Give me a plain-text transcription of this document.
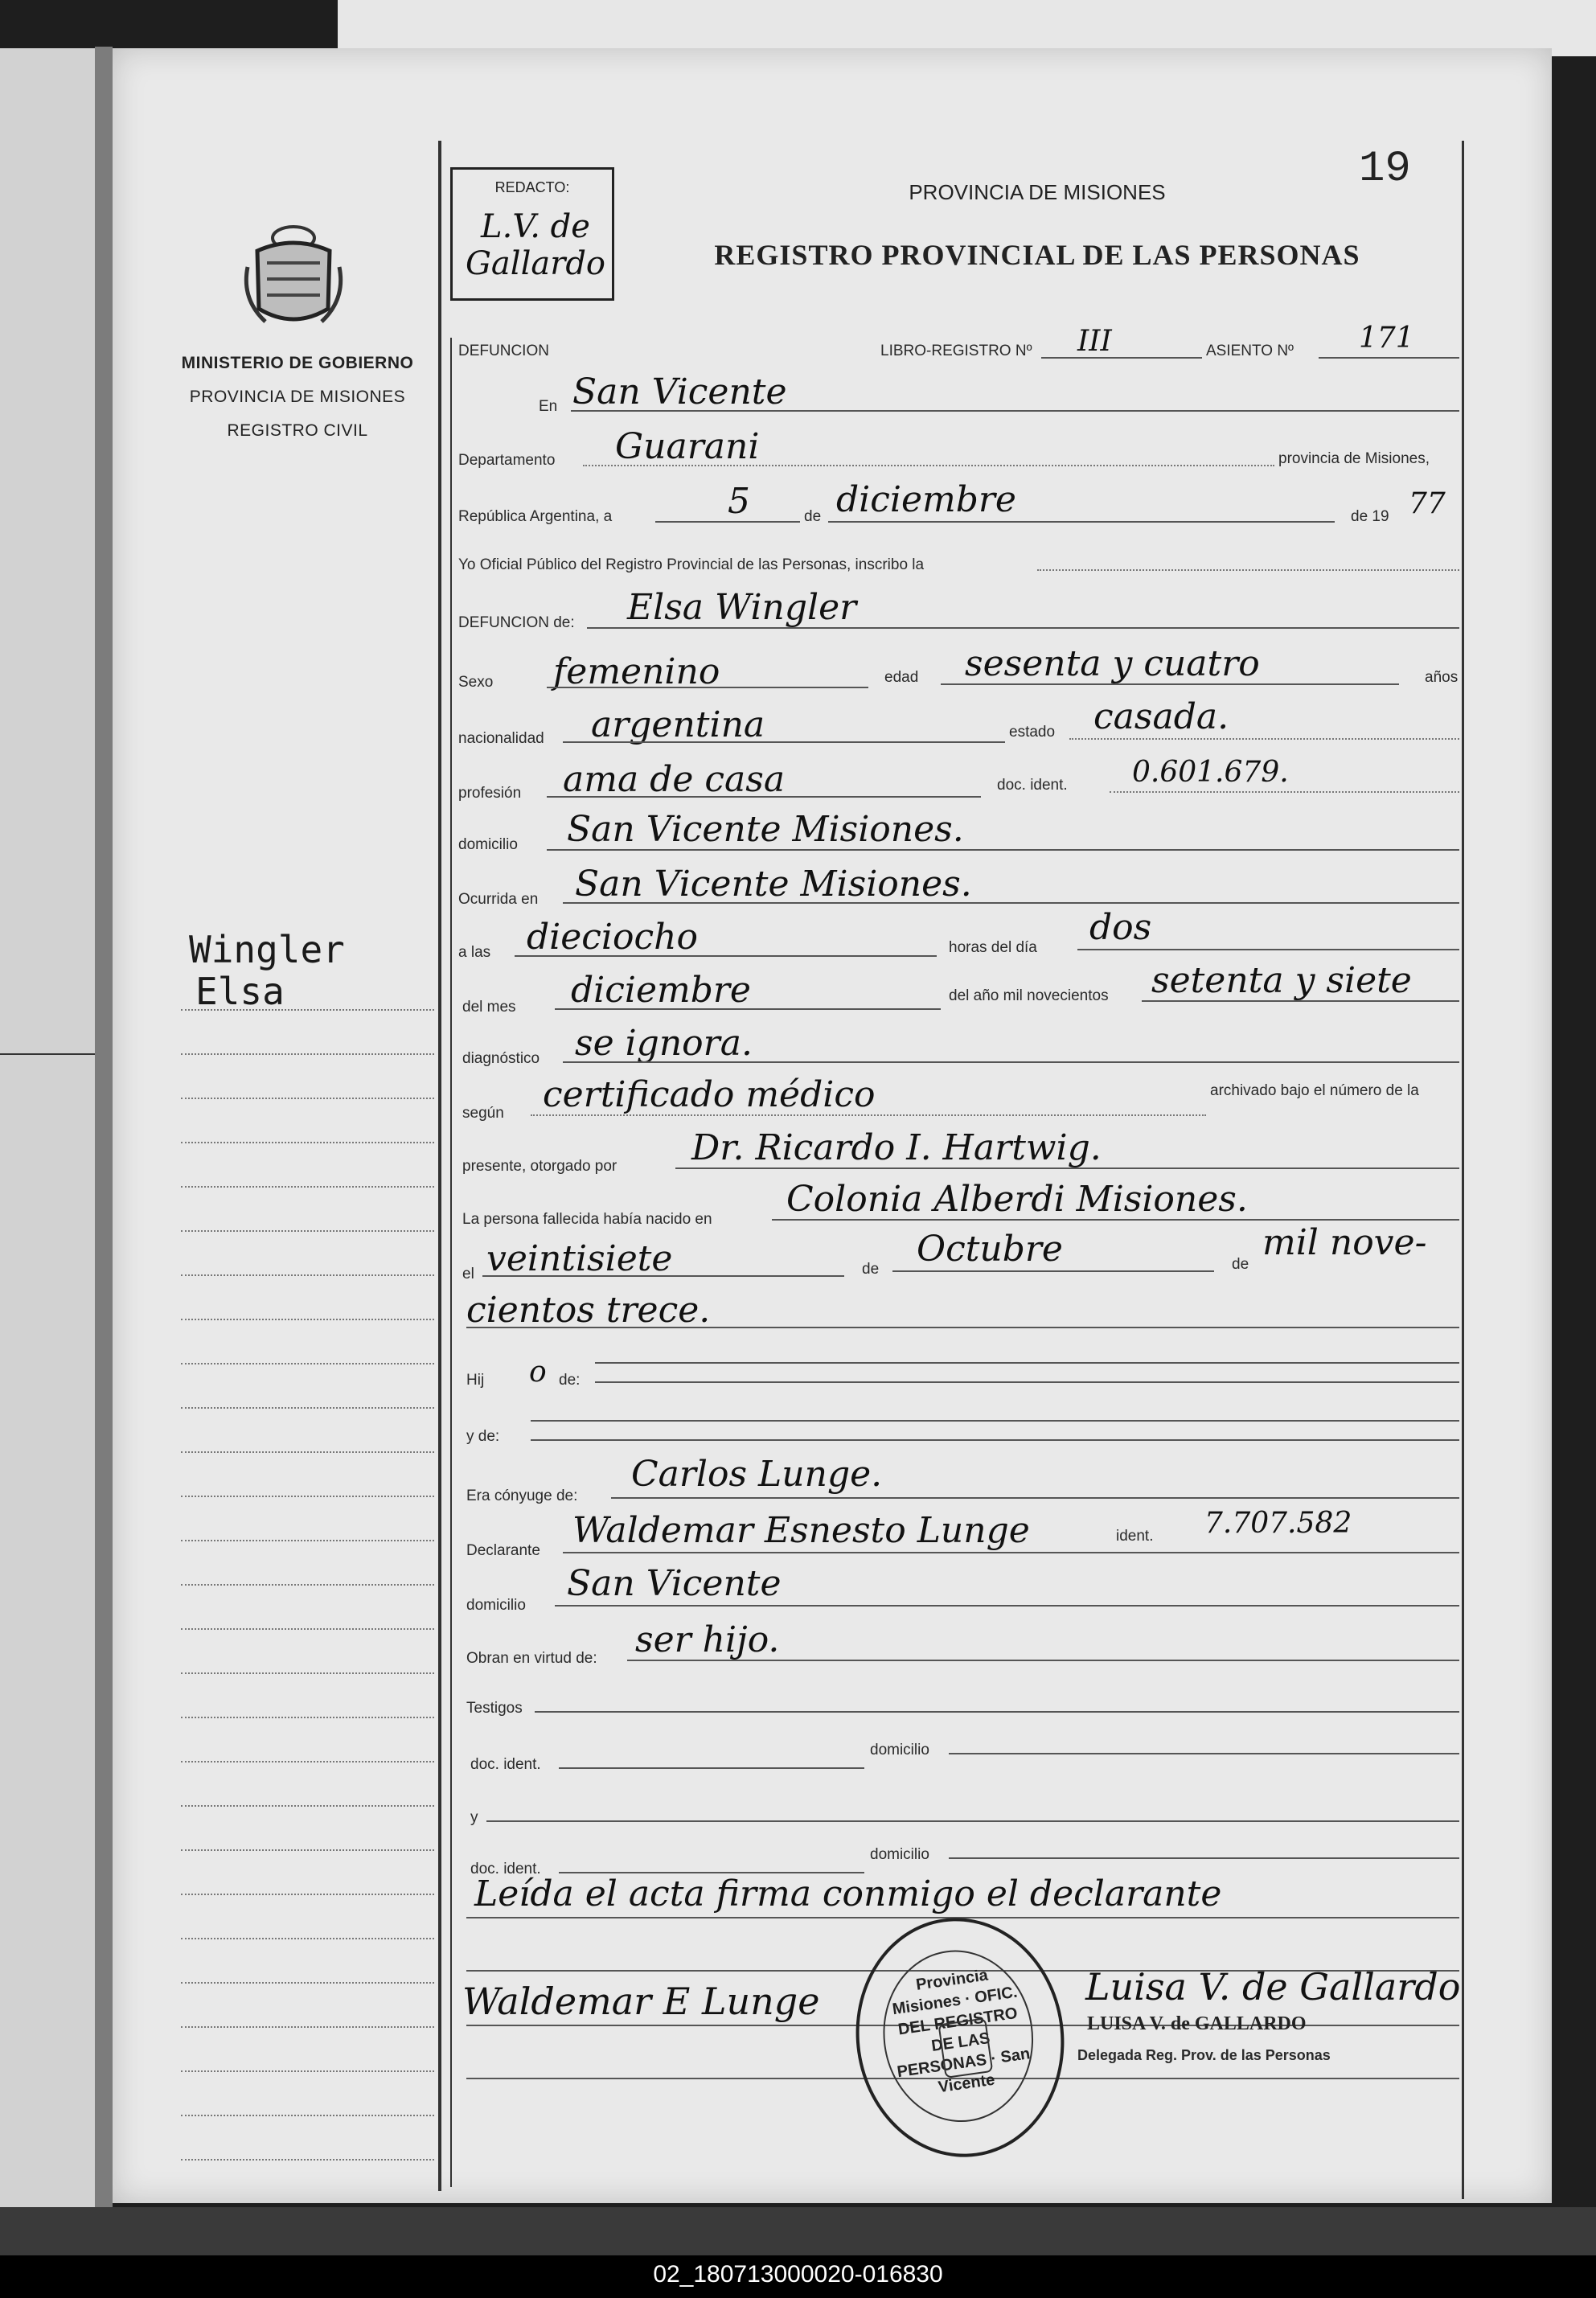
MINISTERIO DE GOBIERNO
PROVINCIA DE MISIONES
REGISTRO CIVIL
Wingler
Elsa
REDACTO:
L.V. de
Gallardo
PROVINCIA DE MISIONES
REGISTRO PROVINCIAL DE LAS PERSONAS
19
DEFUNCION	LIBRO-REGISTRO Nº III	ASIENTO Nº 171
En San Vicente
Departamento Guarani	provincia de Misiones,
República Argentina, a	5	de diciembre	de 19 77
Yo Oficial Público del Registro Provincial de las Personas, inscribo la
DEFUNCION de: Elsa Wingler
Sexo femenino	edad sesenta y cuatro	años
nacionalidad argentina	estado casada.
profesión ama de casa	doc. ident. 0.601.679.
domicilio San Vicente Misiones.
Ocurrida en San Vicente Misiones.
a las dieciocho	horas del día dos
del mes diciembre	del año mil novecientos setenta y siete
diagnóstico se ignora.
según certificado médico	archivado bajo el número de la
presente, otorgado por Dr. Ricardo I. Hartwig.
La persona fallecida había nacido en Colonia Alberdi Misiones.
el veintisiete	de Octubre	de
mil nove-
cientos trece.
Hij o de:
y de:
Era cónyuge de:
Carlos Lunge.
Declarante Waldemar Esnesto Lunge	ident. 7.707.582
domicilio
San Vicente
Obran en virtud de: ser hijo.
Testigos
doc. ident.
domicilio
y
doc. ident.
domicilio
Leída el acta firma conmigo el declarante
Waldemar E Lunge	Provincia Misiones · OFIC. DEL REGISTRO DE LAS PERSONAS · San Vicente
Luisa V. de Gallardo
LUISA V. de GALLARDO
Delegada Reg. Prov. de las Personas
02_180713000020-016830
